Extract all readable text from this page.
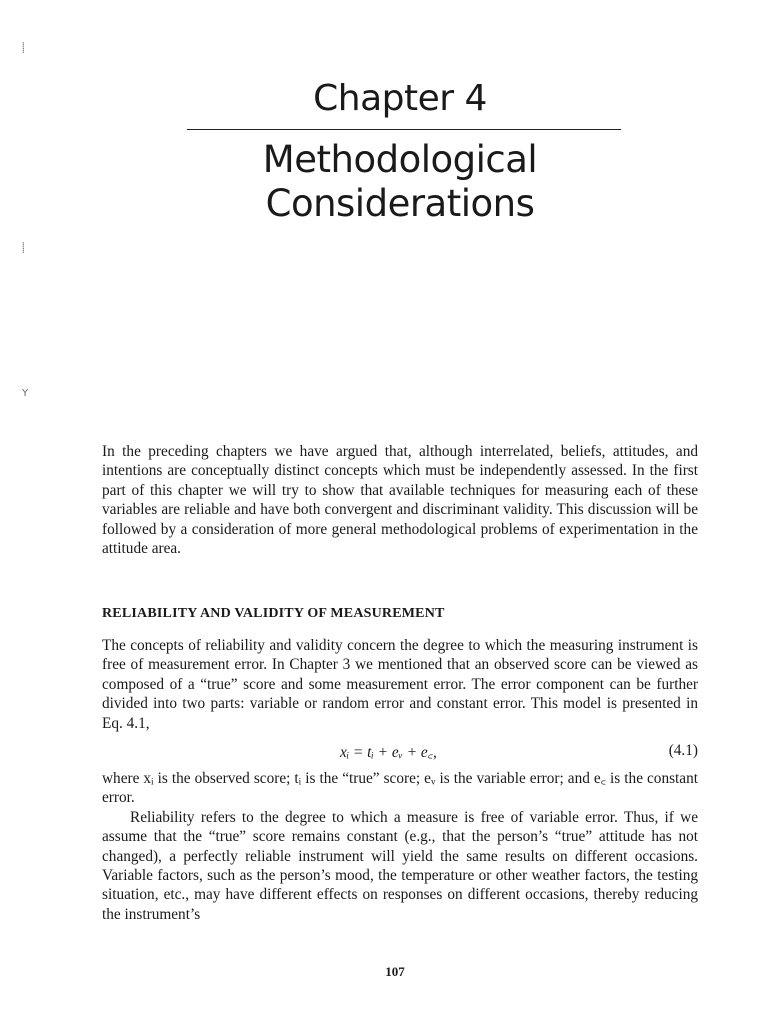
⸽
⸽
Y
Chapter 4
Methodological
Considerations

In the preceding chapters we have argued that, although interrelated, beliefs, attitudes, and intentions are conceptually distinct concepts which must be independently assessed. In the first part of this chapter we will try to show that available techniques for measuring each of these variables are reliable and have both convergent and discriminant validity. This discussion will be followed by a consideration of more general methodological problems of experimentation in the attitude area.

RELIABILITY AND VALIDITY OF MEASUREMENT

The concepts of reliability and validity concern the degree to which the measuring instrument is free of measurement error. In Chapter 3 we mentioned that an observed score can be viewed as composed of a “true” score and some measurement error. The error component can be further divided into two parts: variable or random error and constant error. This model is presented in Eq. 4.1,

xᵢ = tᵢ + eᵥ + e꜀,	(4.1)

where xᵢ is the observed score; tᵢ is the “true” score; eᵥ is the variable error; and e꜀ is the constant error.

Reliability refers to the degree to which a measure is free of variable error. Thus, if we assume that the “true” score remains constant (e.g., that the person’s “true” attitude has not changed), a perfectly reliable instrument will yield the same results on different occasions. Variable factors, such as the person’s mood, the temperature or other weather factors, the testing situation, etc., may have different effects on responses on different occasions, thereby reducing the instrument’s

107
